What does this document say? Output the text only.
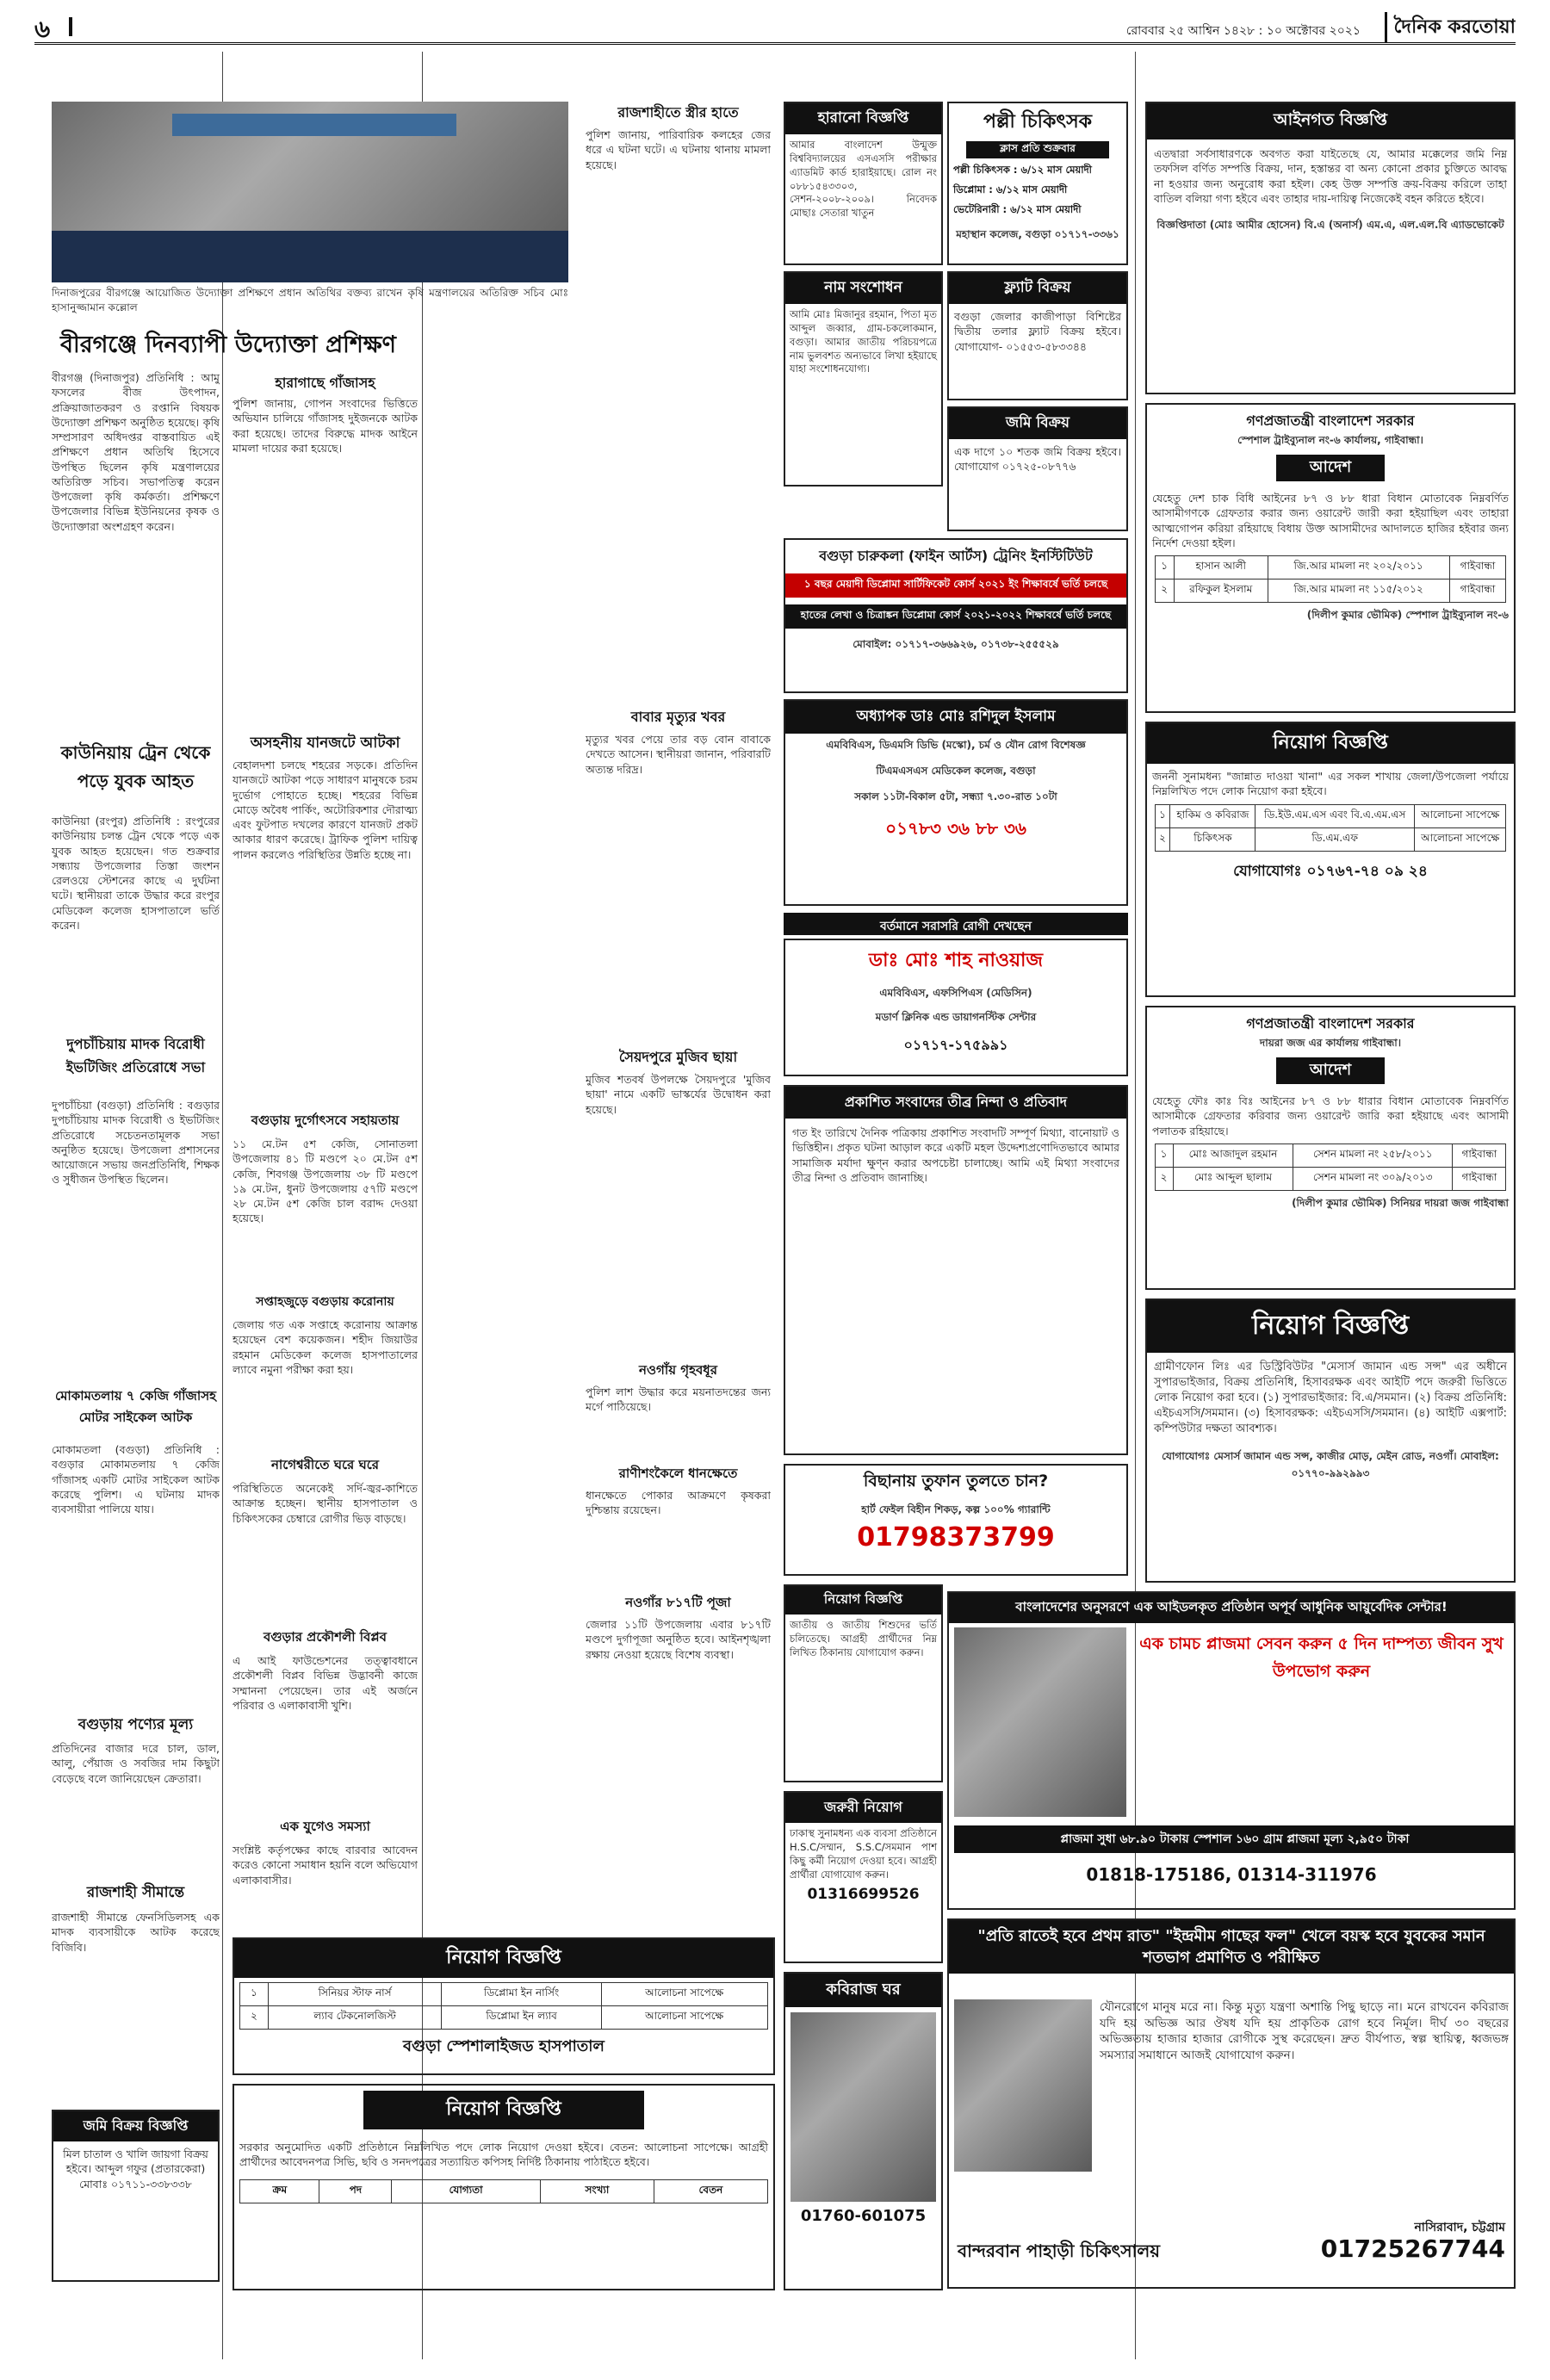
৬	রোববার ২৫ আশ্বিন ১৪২৮ : ১০ অক্টোবর ২০২১	দৈনিক করতোয়া
দিনাজপুরের বীরগঞ্জে আয়োজিত উদ্যোক্তা প্রশিক্ষণে প্রধান অতিথির বক্তব্য রাখেন কৃষি মন্ত্রণালয়ের অতিরিক্ত সচিব মোঃ হাসানুজ্জামান কল্লোল
বীরগঞ্জে দিনব্যাপী উদ্যোক্তা প্রশিক্ষণ
বীরগঞ্জ (দিনাজপুর) প্রতিনিধি : আমু ফসলের বীজ উৎপাদন, প্রক্রিয়াজাতকরণ ও রপ্তানি বিষয়ক উদ্যোক্তা প্রশিক্ষণ অনুষ্ঠিত হয়েছে। কৃষি সম্প্রসারণ অধিদপ্তর বাস্তবায়িত এই প্রশিক্ষণে প্রধান অতিথি হিসেবে উপস্থিত ছিলেন কৃষি মন্ত্রণালয়ের অতিরিক্ত সচিব। সভাপতিত্ব করেন উপজেলা কৃষি কর্মকর্তা। প্রশিক্ষণে উপজেলার বিভিন্ন ইউনিয়নের কৃষক ও উদ্যোক্তারা অংশগ্রহণ করেন।
কাউনিয়ায় ট্রেন থেকে পড়ে যুবক আহত
কাউনিয়া (রংপুর) প্রতিনিধি : রংপুরের কাউনিয়ায় চলন্ত ট্রেন থেকে পড়ে এক যুবক আহত হয়েছেন। গত শুক্রবার সন্ধ্যায় উপজেলার তিস্তা জংশন রেলওয়ে স্টেশনের কাছে এ দুর্ঘটনা ঘটে। স্থানীয়রা তাকে উদ্ধার করে রংপুর মেডিকেল কলেজ হাসপাতালে ভর্তি করেন।
দুপচাঁচিয়ায় মাদক বিরোধী ইভটিজিং প্রতিরোধে সভা
দুপচাঁচিয়া (বগুড়া) প্রতিনিধি : বগুড়ার দুপচাঁচিয়ায় মাদক বিরোধী ও ইভটিজিং প্রতিরোধে সচেতনতামূলক সভা অনুষ্ঠিত হয়েছে। উপজেলা প্রশাসনের আয়োজনে সভায় জনপ্রতিনিধি, শিক্ষক ও সুধীজন উপস্থিত ছিলেন।
মোকামতলায় ৭ কেজি গাঁজাসহ মোটর সাইকেল আটক
মোকামতলা (বগুড়া) প্রতিনিধি : বগুড়ার মোকামতলায় ৭ কেজি গাঁজাসহ একটি মোটর সাইকেল আটক করেছে পুলিশ। এ ঘটনায় মাদক ব্যবসায়ীরা পালিয়ে যায়।
বগুড়ায় পণ্যের মূল্য
প্রতিদিনের বাজার দরে চাল, ডাল, আলু, পেঁয়াজ ও সবজির দাম কিছুটা বেড়েছে বলে জানিয়েছেন ক্রেতারা।
রাজশাহী সীমান্তে
রাজশাহী সীমান্তে ফেনসিডিলসহ এক মাদক ব্যবসায়ীকে আটক করেছে বিজিবি।
জমি বিক্রয় বিজ্ঞপ্তি
মিল চাতাল ও খালি জায়গা বিক্রয় হইবে। আব্দুল গফুর (প্রতারকেরা) মোবাঃ ০১৭১১-৩৩৮৩৩৮
হারাগাছে গাঁজাসহ
পুলিশ জানায়, গোপন সংবাদের ভিত্তিতে অভিযান চালিয়ে গাঁজাসহ দুইজনকে আটক করা হয়েছে। তাদের বিরুদ্ধে মাদক আইনে মামলা দায়ের করা হয়েছে।
অসহনীয় যানজটে আটকা
বেহালদশা চলছে শহরের সড়কে। প্রতিদিন যানজটে আটকা পড়ে সাধারণ মানুষকে চরম দুর্ভোগ পোহাতে হচ্ছে। শহরের বিভিন্ন মোড়ে অবৈধ পার্কিং, অটোরিকশার দৌরাত্ম্য এবং ফুটপাত দখলের কারণে যানজট প্রকট আকার ধারণ করেছে। ট্রাফিক পুলিশ দায়িত্ব পালন করলেও পরিস্থিতির উন্নতি হচ্ছে না।
বগুড়ায় দুর্গোৎসবে সহায়তায়
১১ মে.টন ৫শ কেজি, সোনাতলা উপজেলায় ৪১ টি মণ্ডপে ২০ মে.টন ৫শ কেজি, শিবগঞ্জ উপজেলায় ৩৮ টি মণ্ডপে ১৯ মে.টন, ধুনট উপজেলায় ৫৭টি মণ্ডপে ২৮ মে.টন ৫শ কেজি চাল বরাদ্দ দেওয়া হয়েছে।
সপ্তাহজুড়ে বগুড়ায় করোনায়
জেলায় গত এক সপ্তাহে করোনায় আক্রান্ত হয়েছেন বেশ কয়েকজন। শহীদ জিয়াউর রহমান মেডিকেল কলেজ হাসপাতালের ল্যাবে নমুনা পরীক্ষা করা হয়।
নাগেশ্বরীতে ঘরে ঘরে
পরিস্থিতিতে অনেকেই সর্দি-জ্বর-কাশিতে আক্রান্ত হচ্ছেন। স্থানীয় হাসপাতাল ও চিকিৎসকের চেম্বারে রোগীর ভিড় বাড়ছে।
বগুড়ার প্রকৌশলী বিপ্লব
এ আই ফাউন্ডেশনের তত্ত্বাবধানে প্রকৌশলী বিপ্লব বিভিন্ন উদ্ভাবনী কাজে সম্মাননা পেয়েছেন। তার এই অর্জনে পরিবার ও এলাকাবাসী খুশি।
এক যুগেও সমস্যা
সংশ্লিষ্ট কর্তৃপক্ষের কাছে বারবার আবেদন করেও কোনো সমাধান হয়নি বলে অভিযোগ এলাকাবাসীর।
রাজশাহীতে স্ত্রীর হাতে
পুলিশ জানায়, পারিবারিক কলহের জের ধরে এ ঘটনা ঘটে। এ ঘটনায় থানায় মামলা হয়েছে।
বাবার মৃত্যুর খবর
মৃত্যুর খবর পেয়ে তার বড় বোন বাবাকে দেখতে আসেন। স্থানীয়রা জানান, পরিবারটি অত্যন্ত দরিদ্র।
সৈয়দপুরে মুজিব ছায়া
মুজিব শতবর্ষ উপলক্ষে সৈয়দপুরে 'মুজিব ছায়া' নামে একটি ভাস্কর্যের উদ্বোধন করা হয়েছে।
নওগাঁয় গৃহবধূর
পুলিশ লাশ উদ্ধার করে ময়নাতদন্তের জন্য মর্গে পাঠিয়েছে।
রাণীশংকৈলে ধানক্ষেতে
ধানক্ষেতে পোকার আক্রমণে কৃষকরা দুশ্চিন্তায় রয়েছেন।
নওগাঁর ৮১৭টি পূজা
জেলার ১১টি উপজেলায় এবার ৮১৭টি মণ্ডপে দুর্গাপূজা অনুষ্ঠিত হবে। আইনশৃঙ্খলা রক্ষায় নেওয়া হয়েছে বিশেষ ব্যবস্থা।
হারানো বিজ্ঞপ্তি
আমার বাংলাদেশ উন্মুক্ত বিশ্ববিদ্যালয়ের এসএসসি পরীক্ষার এ্যাডমিট কার্ড হারাইয়াছে। রোল নং ০৮৮১৫৪৩৩০৩, সেশন-২০০৮-২০০৯। নিবেদক মোছাঃ সেতারা খাতুন
পল্লী চিকিৎসক
ক্লাস প্রতি শুক্রবার
পল্লী চিকিৎসক : ৬/১২ মাস মেয়াদী
ডিপ্লোমা : ৬/১২ মাস মেয়াদী
ভেটেরিনারী : ৬/১২ মাস মেয়াদী
মহাস্থান কলেজ, বগুড়া ০১৭১৭-৩৩৬১
নাম সংশোধন
আমি মোঃ মিজানুর রহমান, পিতা মৃত আব্দুল জব্বার, গ্রাম-চকলোকমান, বগুড়া। আমার জাতীয় পরিচয়পত্রে নাম ভুলবশত অন্যভাবে লিখা হইয়াছে যাহা সংশোধনযোগ্য।
ফ্ল্যাট বিক্রয়
বগুড়া জেলার কাজীপাড়া বিশিষ্টের দ্বিতীয় তলার ফ্ল্যাট বিক্রয় হইবে। যোগাযোগ- ০১৫৫৩-৫৮৩৩৪৪
জমি বিক্রয়
এক দাগে ১০ শতক জমি বিক্রয় হইবে। যোগাযোগ ০১৭২৫-০৮৭৭৬
বগুড়া চারুকলা (ফাইন আর্টস) ট্রেনিং ইনস্টিটিউট
১ বছর মেয়াদী ডিপ্লোমা সার্টিফিকেট কোর্স ২০২১ ইং শিক্ষাবর্ষে ভর্তি চলছে
হাতের লেখা ও চিত্রাঙ্কন ডিপ্লোমা কোর্স ২০২১-২০২২ শিক্ষাবর্ষে ভর্তি চলছে
মোবাইল: ০১৭১৭-৩৬৬৯২৬, ০১৭৩৮-২৫৫৫২৯
অধ্যাপক ডাঃ মোঃ রশিদুল ইসলাম
এমবিবিএস, ডিএমসি ডিভি (মস্কো), চর্ম ও যৌন রোগ বিশেষজ্ঞ
টিএমএসএস মেডিকেল কলেজ, বগুড়া
সকাল ১১টা-বিকাল ৫টা, সন্ধ্যা ৭.৩০-রাত ১০টা
০১৭৮৩ ৩৬ ৮৮ ৩৬
বর্তমানে সরাসরি রোগী দেখছেন
ডাঃ মোঃ শাহ নাওয়াজ
এমবিবিএস, এফসিপিএস (মেডিসিন)
মডার্ণ ক্লিনিক এন্ড ডায়াগনস্টিক সেন্টার
০১৭১৭-১৭৫৯৯১
প্রকাশিত সংবাদের তীব্র নিন্দা ও প্রতিবাদ
গত ইং তারিখে দৈনিক পত্রিকায় প্রকাশিত সংবাদটি সম্পূর্ণ মিথ্যা, বানোয়াট ও ভিত্তিহীন। প্রকৃত ঘটনা আড়াল করে একটি মহল উদ্দেশ্যপ্রণোদিতভাবে আমার সামাজিক মর্যাদা ক্ষুণ্ন করার অপচেষ্টা চালাচ্ছে। আমি এই মিথ্যা সংবাদের তীব্র নিন্দা ও প্রতিবাদ জানাচ্ছি।
বিছানায় তুফান তুলতে চান?
হার্ট ফেইল বিহীন শিকড়, কল্প ১০০% গ্যারান্টি
01798373799
নিয়োগ বিজ্ঞপ্তি
জাতীয় ও জাতীয় শিশুদের ভর্তি চলিতেছে। আগ্রহী প্রার্থীদের নিম্ন লিখিত ঠিকানায় যোগাযোগ করুন।
জরুরী নিয়োগ
ঢাকাস্থ সুনামধন্য এক ব্যবসা প্রতিষ্ঠানে H.S.C/সম্মান, S.S.C/সমমান পাশ কিছু কর্মী নিয়োগ দেওয়া হবে। আগ্রহী প্রার্থীরা যোগাযোগ করুন।
01316699526
কবিরাজ ঘর
01760-601075
আইনগত বিজ্ঞপ্তি
এতদ্বারা সর্বসাধারণকে অবগত করা যাইতেছে যে, আমার মক্কেলের জমি নিম্ন তফসিল বর্ণিত সম্পত্তি বিক্রয়, দান, হস্তান্তর বা অন্য কোনো প্রকার চুক্তিতে আবদ্ধ না হওয়ার জন্য অনুরোধ করা হইল। কেহ উক্ত সম্পত্তি ক্রয়-বিক্রয় করিলে তাহা বাতিল বলিয়া গণ্য হইবে এবং তাহার দায়-দায়িত্ব নিজেকেই বহন করিতে হইবে।
বিজ্ঞপ্তিদাতা (মোঃ আমীর হোসেন) বি.এ (অনার্স) এম.এ, এল.এল.বি এ্যাডভোকেট
গণপ্রজাতন্ত্রী বাংলাদেশ সরকার
স্পেশাল ট্রাইব্যুনাল নং-৬ কার্যালয়, গাইবান্ধা।
আদেশ
যেহেতু দেশ চাক বিধি আইনের ৮৭ ও ৮৮ ধারা বিধান মোতাবেক নিম্নবর্ণিত আসামীগণকে গ্রেফতার করার জন্য ওয়ারেন্ট জারী করা হইয়াছিল এবং তাহারা আত্মগোপন করিয়া রহিয়াছে বিধায় উক্ত আসামীদের আদালতে হাজির হইবার জন্য নির্দেশ দেওয়া হইল।
১	হাসান আলী	জি.আর মামলা নং ২০২/২০১১	গাইবান্ধা
২	রফিকুল ইসলাম	জি.আর মামলা নং ১১৫/২০১২	গাইবান্ধা
(দিলীপ কুমার ভৌমিক) স্পেশাল ট্রাইব্যুনাল নং-৬
নিয়োগ বিজ্ঞপ্তি
জননী সুনামধন্য "জান্নাত দাওয়া খানা" এর সকল শাখায় জেলা/উপজেলা পর্যায়ে নিম্নলিখিত পদে লোক নিয়োগ করা হইবে।
১	হাকিম ও কবিরাজ	ডি.ইউ.এম.এস এবং বি.এ.এম.এস	আলোচনা সাপেক্ষে
২	চিকিৎসক	ডি.এম.এফ	আলোচনা সাপেক্ষে
যোগাযোগঃ ০১৭৬৭-৭৪ ০৯ ২৪
গণপ্রজাতন্ত্রী বাংলাদেশ সরকার
দায়রা জজ এর কার্যালয় গাইবান্ধা।
আদেশ
যেহেতু ফৌঃ কাঃ বিঃ আইনের ৮৭ ও ৮৮ ধারার বিধান মোতাবেক নিম্নবর্ণিত আসামীকে গ্রেফতার করিবার জন্য ওয়ারেন্ট জারি করা হইয়াছে এবং আসামী পলাতক রহিয়াছে।
১	মোঃ আজাদুল রহমান	সেশন মামলা নং ২৫৮/২০১১	গাইবান্ধা
২	মোঃ আব্দুল ছালাম	সেশন মামলা নং ৩০৯/২০১৩	গাইবান্ধা
(দিলীপ কুমার ভৌমিক) সিনিয়র দায়রা জজ গাইবান্ধা
নিয়োগ বিজ্ঞপ্তি
গ্রামীণফোন লিঃ এর ডিস্ট্রিবিউটর "মেসার্স জামান এন্ড সন্স" এর অধীনে সুপারভাইজার, বিক্রয় প্রতিনিধি, হিসাবরক্ষক এবং আইটি পদে জরুরী ভিত্তিতে লোক নিয়োগ করা হবে। (১) সুপারভাইজার: বি.এ/সমমান। (২) বিক্রয় প্রতিনিধি: এইচএসসি/সমমান। (৩) হিসাবরক্ষক: এইচএসসি/সমমান। (৪) আইটি এক্সপার্ট: কম্পিউটার দক্ষতা আবশ্যক।
যোগাযোগঃ মেসার্স জামান এন্ড সন্স, কাজীর মোড়, মেইন রোড, নওগাঁ। মোবাইল: ০১৭৭০-৯৯২৯৯৩
বাংলাদেশের অনুসরণে এক আইডলকৃত প্রতিষ্ঠান অপূর্ব আধুনিক আয়ুর্বেদিক সেন্টার!
এক চামচ প্লাজমা সেবন করুন ৫ দিন দাম্পত্য জীবন সুখ উপভোগ করুন
প্লাজমা সুধা ৬৮.৯০ টাকায় স্পেশাল ১৬০ গ্রাম প্লাজমা মূল্য ২,৯৫০ টাকা
01818-175186, 01314-311976
"প্রতি রাতেই হবে প্রথম রাত" "ইন্দ্রমীম গাছের ফল" খেলে বয়স্ক হবে যুবকের সমান শতভাগ প্রমাণিত ও পরীক্ষিত
যৌনরোগে মানুষ মরে না। কিন্তু মৃত্যু যন্ত্রণা অশান্তি পিছু ছাড়ে না। মনে রাখবেন কবিরাজ যদি হয় অভিজ্ঞ আর ঔষধ যদি হয় প্রাকৃতিক রোগ হবে নির্মূল। দীর্ঘ ৩০ বছরের অভিজ্ঞতায় হাজার হাজার রোগীকে সুস্থ করেছেন। দ্রুত বীর্যপাত, স্বল্প স্থায়িত্ব, ধ্বজভঙ্গ সমস্যার সমাধানে আজই যোগাযোগ করুন।
নাসিরাবাদ, চট্টগ্রাম
বান্দরবান পাহাড়ী চিকিৎসালয়	01725267744
নিয়োগ বিজ্ঞপ্তি
১	সিনিয়র স্টাফ নার্স	ডিপ্লোমা ইন নার্সিং	আলোচনা সাপেক্ষে
২	ল্যাব টেকনোলজিস্ট	ডিপ্লোমা ইন ল্যাব	আলোচনা সাপেক্ষে
বগুড়া স্পেশালাইজড হাসপাতাল
নিয়োগ বিজ্ঞপ্তি
সরকার অনুমোদিত একটি প্রতিষ্ঠানে নিম্নলিখিত পদে লোক নিয়োগ দেওয়া হইবে। বেতন: আলোচনা সাপেক্ষে। আগ্রহী প্রার্থীদের আবেদনপত্র সিভি, ছবি ও সনদপত্রের সত্যায়িত কপিসহ নির্দিষ্ট ঠিকানায় পাঠাইতে হইবে।
ক্রম	পদ	যোগ্যতা	সংখ্যা	বেতন
